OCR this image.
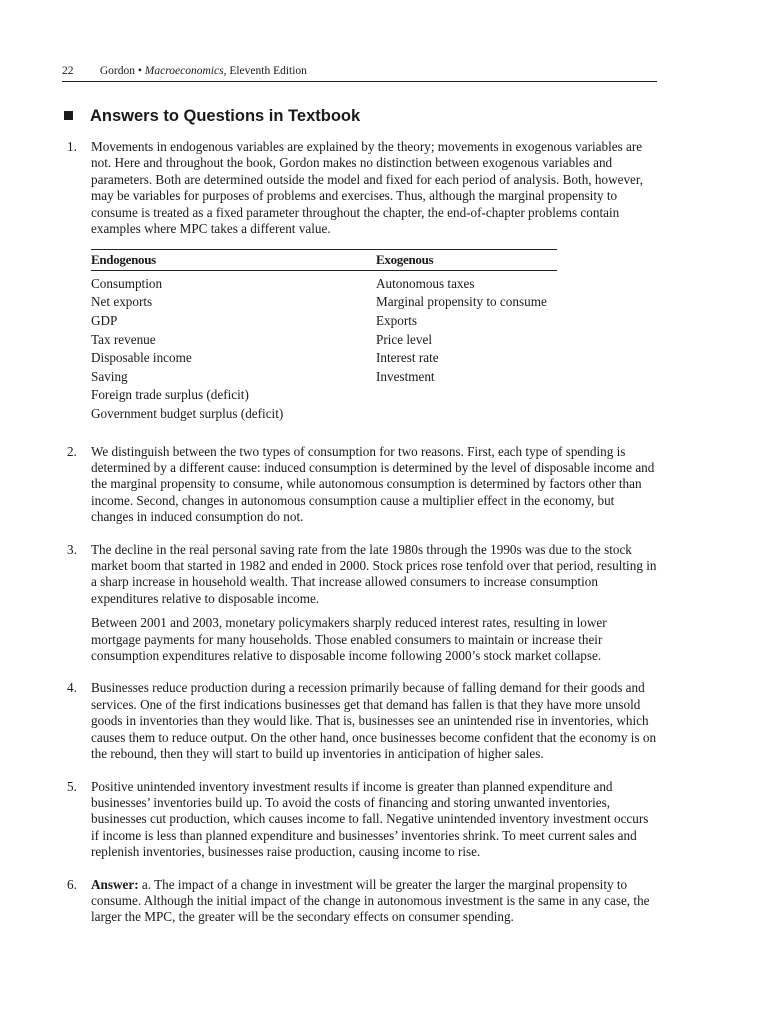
22 Gordon • Macroeconomics, Eleventh Edition
Answers to Questions in Textbook
1.	Movements in endogenous variables are explained by the theory; movements in exogenous variables are not. Here and throughout the book, Gordon makes no distinction between exogenous variables and parameters. Both are determined outside the model and fixed for each period of analysis. Both, however, may be variables for purposes of problems and exercises. Thus, although the marginal propensity to consume is treated as a fixed parameter throughout the chapter, the end-of-chapter problems contain examples where MPC takes a different value.

Endogenous	Exogenous
Consumption	Autonomous taxes
Net exports	Marginal propensity to consume
GDP	Exports
Tax revenue	Price level
Disposable income	Interest rate
Saving	Investment
Foreign trade surplus (deficit)	
Government budget surplus (deficit)	
2.	We distinguish between the two types of consumption for two reasons. First, each type of spending is determined by a different cause: induced consumption is determined by the level of disposable income and the marginal propensity to consume, while autonomous consumption is determined by factors other than income. Second, changes in autonomous consumption cause a multiplier effect in the economy, but changes in induced consumption do not.

3.	The decline in the real personal saving rate from the late 1980s through the 1990s was due to the stock market boom that started in 1982 and ended in 2000. Stock prices rose tenfold over that period, resulting in a sharp increase in household wealth. That increase allowed consumers to increase consumption expenditures relative to disposable income.

Between 2001 and 2003, monetary policymakers sharply reduced interest rates, resulting in lower mortgage payments for many households. Those enabled consumers to maintain or increase their consumption expenditures relative to disposable income following 2000’s stock market collapse.

4.	Businesses reduce production during a recession primarily because of falling demand for their goods and services. One of the first indications businesses get that demand has fallen is that they have more unsold goods in inventories than they would like. That is, businesses see an unintended rise in inventories, which causes them to reduce output. On the other hand, once businesses become confident that the economy is on the rebound, then they will start to build up inventories in anticipation of higher sales.

5.	Positive unintended inventory investment results if income is greater than planned expenditure and businesses’ inventories build up. To avoid the costs of financing and storing unwanted inventories, businesses cut production, which causes income to fall. Negative unintended inventory investment occurs if income is less than planned expenditure and businesses’ inventories shrink. To meet current sales and replenish inventories, businesses raise production, causing income to rise.

6.	Answer: a. The impact of a change in investment will be greater the larger the marginal propensity to consume. Although the initial impact of the change in autonomous investment is the same in any case, the larger the MPC, the greater will be the secondary effects on consumer spending.
